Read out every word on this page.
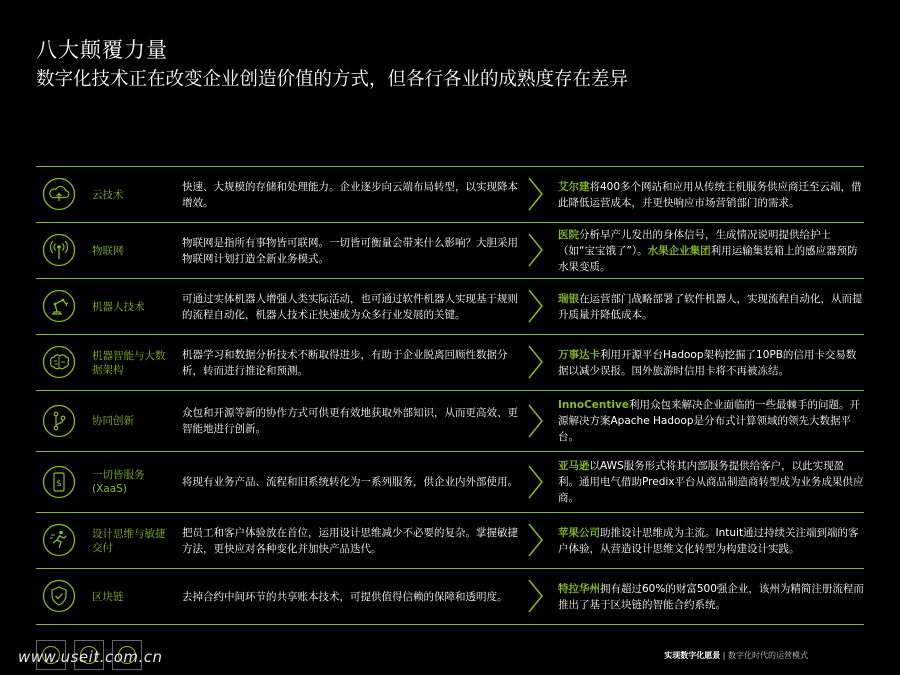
八大颠覆力量
数字化技术正在改变企业创造价值的方式，但各行各业的成熟度存在差异
云技术
快速、大规模的存储和处理能力。企业逐步向云端布局转型，以实现降本增效。
艾尔建将400多个网站和应用从传统主机服务供应商迁至云端，借此降低运营成本，并更快响应市场营销部门的需求。
物联网
物联网是指所有事物皆可联网。一切皆可衡量会带来什么影响？大胆采用物联网计划打造全新业务模式。
医院分析早产儿发出的身体信号，生成情况说明提供给护士（如“宝宝饿了”）。水果企业集团利用运输集装箱上的感应器预防水果变质。
机器人技术
可通过实体机器人增强人类实际活动，也可通过软件机器人实现基于规则的流程自动化，机器人技术正快速成为众多行业发展的关键。
瑞银在运营部门战略部署了软件机器人，实现流程自动化，从而提升质量并降低成本。
机器智能与大数据架构
机器学习和数据分析技术不断取得进步，有助于企业脱离回顾性数据分析，转而进行推论和预测。
万事达卡利用开源平台Hadoop架构挖掘了10PB的信用卡交易数据以减少误报。国外旅游时信用卡将不再被冻结。
协同创新
众包和开源等新的协作方式可供更有效地获取外部知识，从而更高效、更智能地进行创新。
InnoCentive利用众包来解决企业面临的一些最棘手的问题。开源解决方案Apache Hadoop是分布式计算领域的领先大数据平台。
$
一切皆服务(XaaS)
将现有业务产品、流程和旧系统转化为一系列服务，供企业内外部使用。
亚马逊以AWS服务形式将其内部服务提供给客户，以此实现盈利。通用电气借助Predix平台从商品制造商转型成为业务成果供应商。
设计思维与敏捷交付
把员工和客户体验放在首位，运用设计思维减少不必要的复杂。掌握敏捷方法，更快应对各种变化并加快产品迭代。
苹果公司助推设计思维成为主流。Intuit通过持续关注端到端的客户体验，从营造设计思维文化转型为构建设计实践。
区块链	去掉合约中间环节的共享账本技术，可提供值得信赖的保障和透明度。
特拉华州拥有超过60%的财富500强企业，该州为精简注册流程而推出了基于区块链的智能合约系统。
www.useit.com.cn	实现数字化愿景 | 数字化时代的运营模式
